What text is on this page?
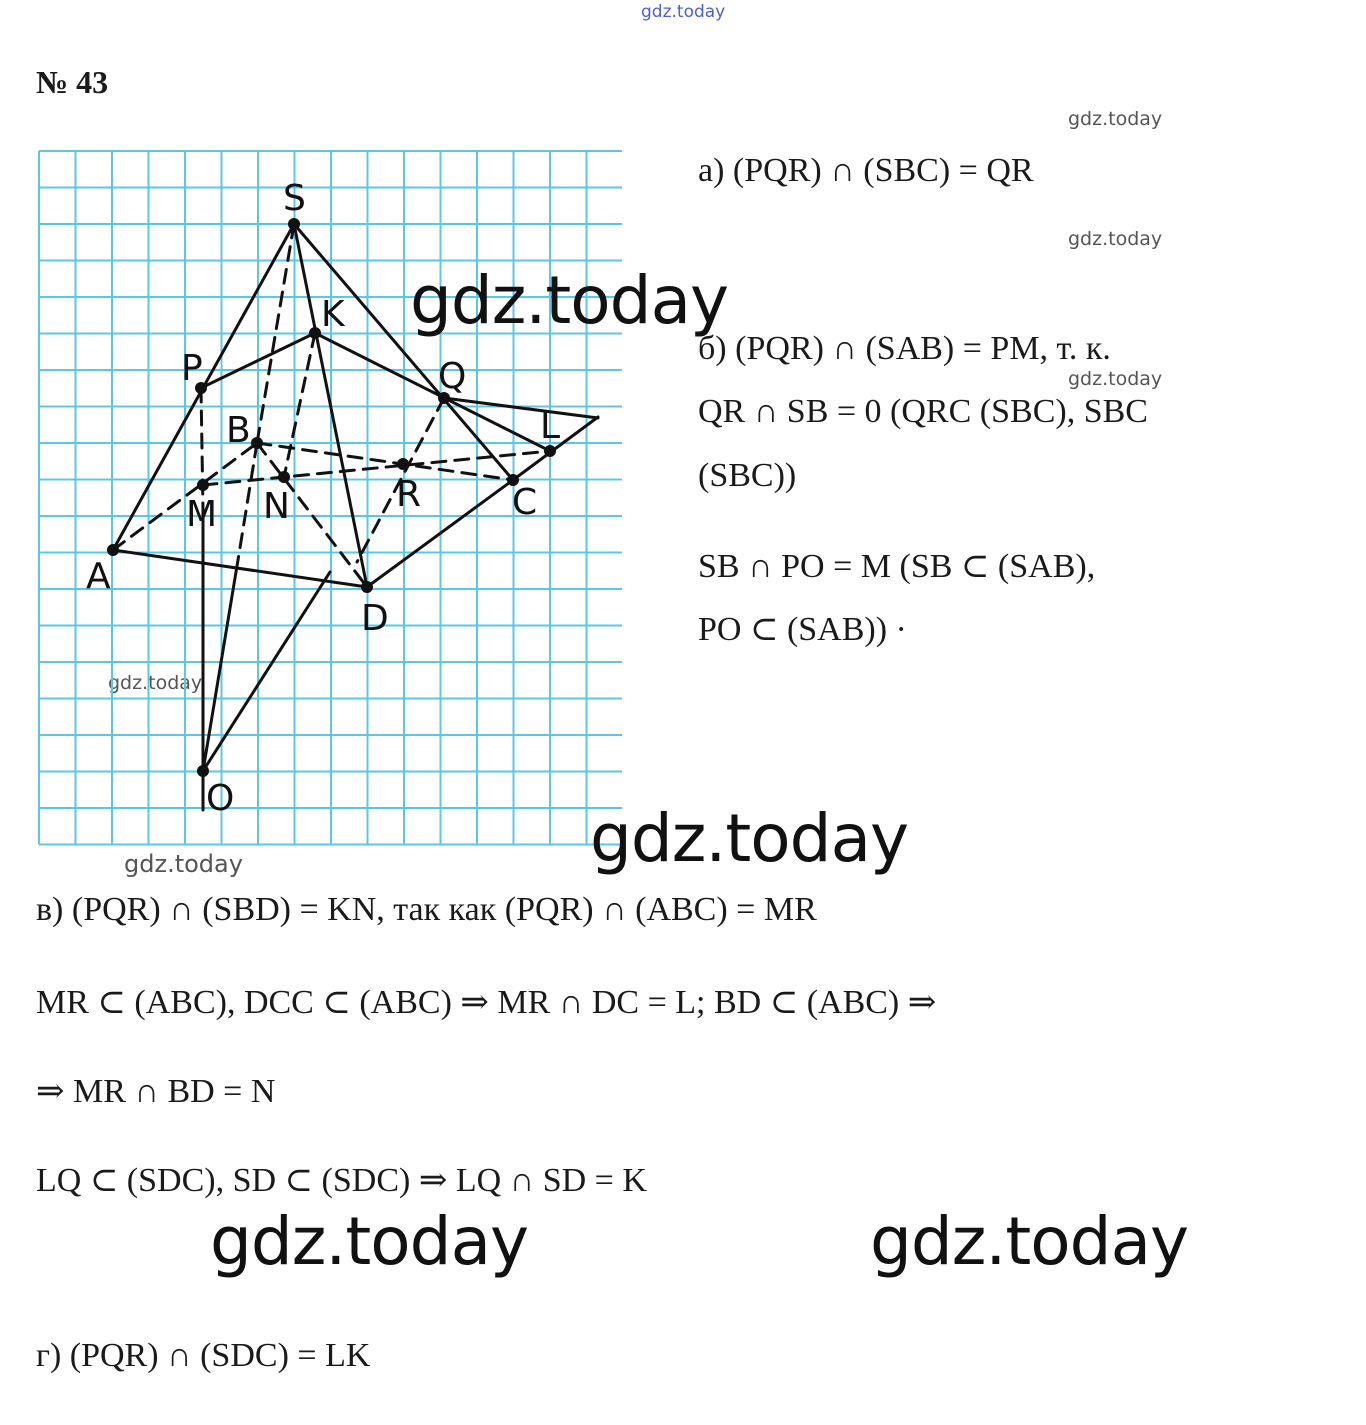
gdz.today
№ 43
gdz.today
gdz.today
gdz.today
gdz.today
gdz.today
S
K
P	Q
B	L
M N	R	C
A
D
O
а) (PQR) ∩ (SBC) = QR
б) (PQR) ∩ (SAB) = PM, т. к.
QR ∩ SB = 0 (QRC (SBC), SBC
(SBC))
SB ∩ PO = M (SB ⊂ (SAB),
PO ⊂ (SAB)) ·
в) (PQR) ∩ (SBD) = KN, так как (PQR) ∩ (ABC) = MR
MR ⊂ (ABC), DCC ⊂ (ABC) ⇒ MR ∩ DC = L; BD ⊂ (ABC) ⇒
⇒ MR ∩ BD = N
LQ ⊂ (SDC), SD ⊂ (SDC) ⇒ LQ ∩ SD = K
г) (PQR) ∩ (SDC) = LK
gdz.today
gdz.today
gdz.today	gdz.today
